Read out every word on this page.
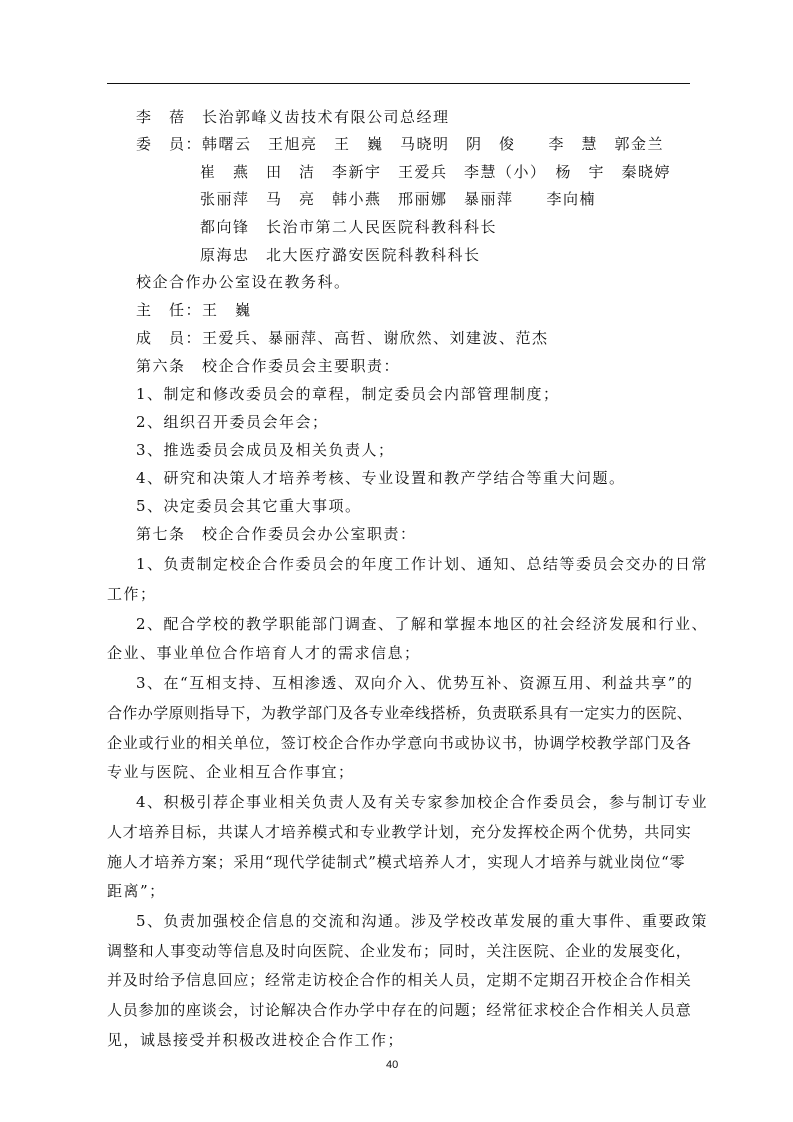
李　蓓　长治郭峰义齿技术有限公司总经理
委　员：韩曙云　王旭亮　王　巍　马晓明　阴　俊　　李　慧　郭金兰
崔　燕　田　洁　李新宇　王爱兵　李慧（小）　杨　宇　秦晓婷
张丽萍　马　亮　韩小燕　邢丽娜　暴丽萍　　李向楠
都向锋　长治市第二人民医院科教科科长
原海忠　北大医疗潞安医院科教科科长
校企合作办公室设在教务科。
主　任：王　巍
成　员：王爱兵、暴丽萍、高哲、谢欣然、刘建波、范杰
第六条　校企合作委员会主要职责：
1、制定和修改委员会的章程，制定委员会内部管理制度；
2、组织召开委员会年会；
3、推选委员会成员及相关负责人；
4、研究和决策人才培养考核、专业设置和教产学结合等重大问题。
5、决定委员会其它重大事项。
第七条　校企合作委员会办公室职责：
1、负责制定校企合作委员会的年度工作计划、通知、总结等委员会交办的日常
工作；
2、配合学校的教学职能部门调查、了解和掌握本地区的社会经济发展和行业、
企业、事业单位合作培育人才的需求信息；
3、在“互相支持、互相渗透、双向介入、优势互补、资源互用、利益共享”的
合作办学原则指导下，为教学部门及各专业牵线搭桥，负责联系具有一定实力的医院、
企业或行业的相关单位，签订校企合作办学意向书或协议书，协调学校教学部门及各
专业与医院、企业相互合作事宜；
4、积极引荐企事业相关负责人及有关专家参加校企合作委员会，参与制订专业
人才培养目标，共谋人才培养模式和专业教学计划，充分发挥校企两个优势，共同实
施人才培养方案；采用“现代学徒制式”模式培养人才，实现人才培养与就业岗位“零
距离”；
5、负责加强校企信息的交流和沟通。涉及学校改革发展的重大事件、重要政策
调整和人事变动等信息及时向医院、企业发布；同时，关注医院、企业的发展变化，
并及时给予信息回应；经常走访校企合作的相关人员，定期不定期召开校企合作相关
人员参加的座谈会，讨论解决合作办学中存在的问题；经常征求校企合作相关人员意
见，诚恳接受并积极改进校企合作工作；
40
